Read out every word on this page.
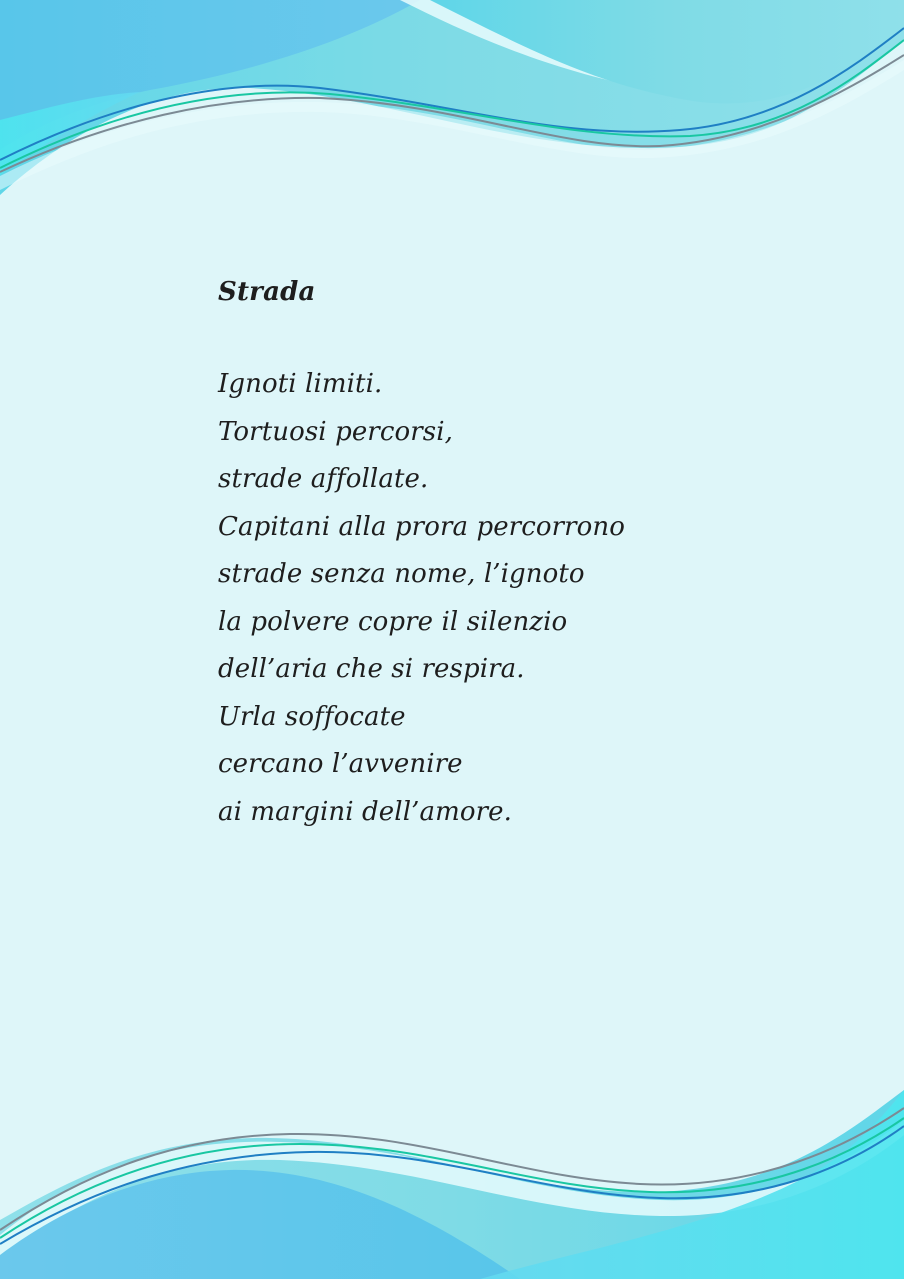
Strada
Ignoti limiti.
Tortuosi percorsi,
strade affollate.
Capitani alla prora percorrono
strade senza nome, l’ignoto
la polvere copre il silenzio
dell’aria che si respira.
Urla soffocate
cercano l’avvenire
ai margini dell’amore.
